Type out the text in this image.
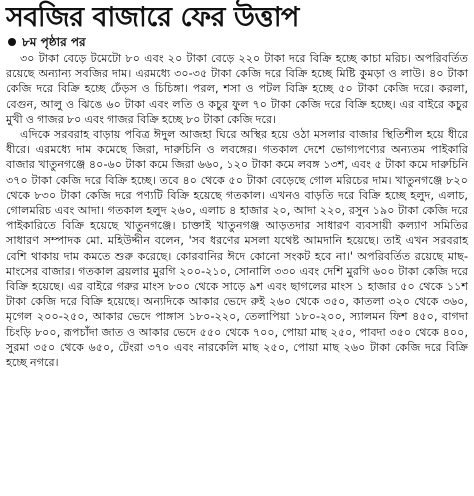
সবজির বাজারে ফের উত্তাপ
৮ম পৃষ্ঠার পর

৩০ টাকা বেড়ে টমেটো ৮০ এবং ২০ টাকা বেড়ে ২২০ টাকা দরে বিক্রি হচ্ছে কাচা মরিচ। অপরিবর্তিত রয়েছে অন্যান্য সবজির দাম। এরমধ্যে ৩০-৩৫ টাকা কেজি দরে বিক্রি হচ্ছে মিষ্টি কুমড়া ও লাউ। ৪০ টাকা কেজি দরে বিক্রি হচ্ছে ঢেঁড়স ও চিচিঙ্গা। পরল, শসা ও পটল বিক্রি হচ্ছে ৫০ টাকা কেজি দরে। করলা, বেগুন, আলু ও ঝিঙে ৬০ টাকা এবং লতি ও কচুর ফুল ৭০ টাকা কেজি দরে বিক্রি হচ্ছে। এর বাইরে কচুর মুখী ও গাজর ৮০ এবং গাজর বিক্রি হচ্ছে ৮০ টাকা কেজি দরে।

এদিকে সরবরাহ বাড়ায় পবিত্র ঈদুল আজহা ঘিরে অস্থির হয়ে ওঠা মসলার বাজার স্থিতিশীল হয়ে ধীরে ধীরে। এরমধ্যে দাম কমেছে জিরা, দারুচিনি ও লবঙ্গের। গতকাল দেশে ভোগ্যপণ্যের অন্যতম পাইকারি বাজার খাতুনগঞ্জে ৪০-৬০ টাকা কমে জিরা ৬৬০, ১২০ টাকা কমে লবঙ্গ ১৩শ, এবং ৫ টাকা কমে দারুচিনি ৩৭০ টাকা কেজি দরে বিক্রি হচ্ছে। তবে ৪০ থেকে ৫০ টাকা বেড়েছে গোল মরিচের দাম। খাতুনগঞ্জে ৮২০ থেকে ৮৩০ টাকা কেজি দরে পণ্যটি বিক্রি হয়েছে গতকাল। এখনও বাড়তি দরে বিক্রি হচ্ছে হলুদ, এলাচ, গোলমরিচ এবং আদা। গতকাল হলুদ ২৬০, এলাচ ৪ হাজার ২০, আদা ২২০, রসুন ১৯০ টাকা কেজি দরে পাইকারিতে বিক্রি হয়েছে খাতুনগঞ্জে। চাক্তাই খাতুনগঞ্জ আড়তদার সাধারণ ব্যবসায়ী কল্যাণ সমিতির সাধারণ সম্পাদক মো. মহিউদ্দীন বলেন, 'সব ধরণের মসলা যথেষ্ট আমদানি হয়েছে। তাই এখন সরবরাহ বেশি থাকায় দাম কমতে শুরু করেছে। কোরবানির ঈদে কোনো সংকট হবে না।' অপরিবর্তিত রয়েছে মাছ-মাংসের বাজার। গতকাল ব্রয়লার মুরগি ২০০-২১০, সোনালি ৩৩০ এবং দেশি মুরগি ৬০০ টাকা কেজি দরে বিক্রি হয়েছে। এর বাইরে গরুর মাংস ৮০০ থেকে সাড়ে ৯শ এবং ছাগলের মাংস ১ হাজার ৫০ থেকে ১১শ টাকা কেজি দরে বিক্রি হয়েছে। অন্যদিকে আকার ভেদে রুই ২৬০ থেকে ৩৫০, কাতলা ৩২০ থেকে ৩৬০, মৃগেল ২০০-২৫০, আকার ভেদে পাঙ্গাস ১৮০-২২০, তেলাপিয়া ১৮০-২০০, স্যালমন ফিশ ৪৫০, বাগদা চিংড়ি ৮০০, রূপচাঁদা জাত ও আকার ভেদে ৫৫০ থেকে ৭০০, পোয়া মাছ ২৫০, পাবদা ৩৫০ থেকে ৪০০, সুরমা ৩৫০ থেকে ৬৫০, টেংরা ৩৭০ এবং নারকেলি মাছ ২৫০, পোয়া মাছ ২৬০ টাকা কেজি দরে বিক্রি হচ্ছে নগরে।
